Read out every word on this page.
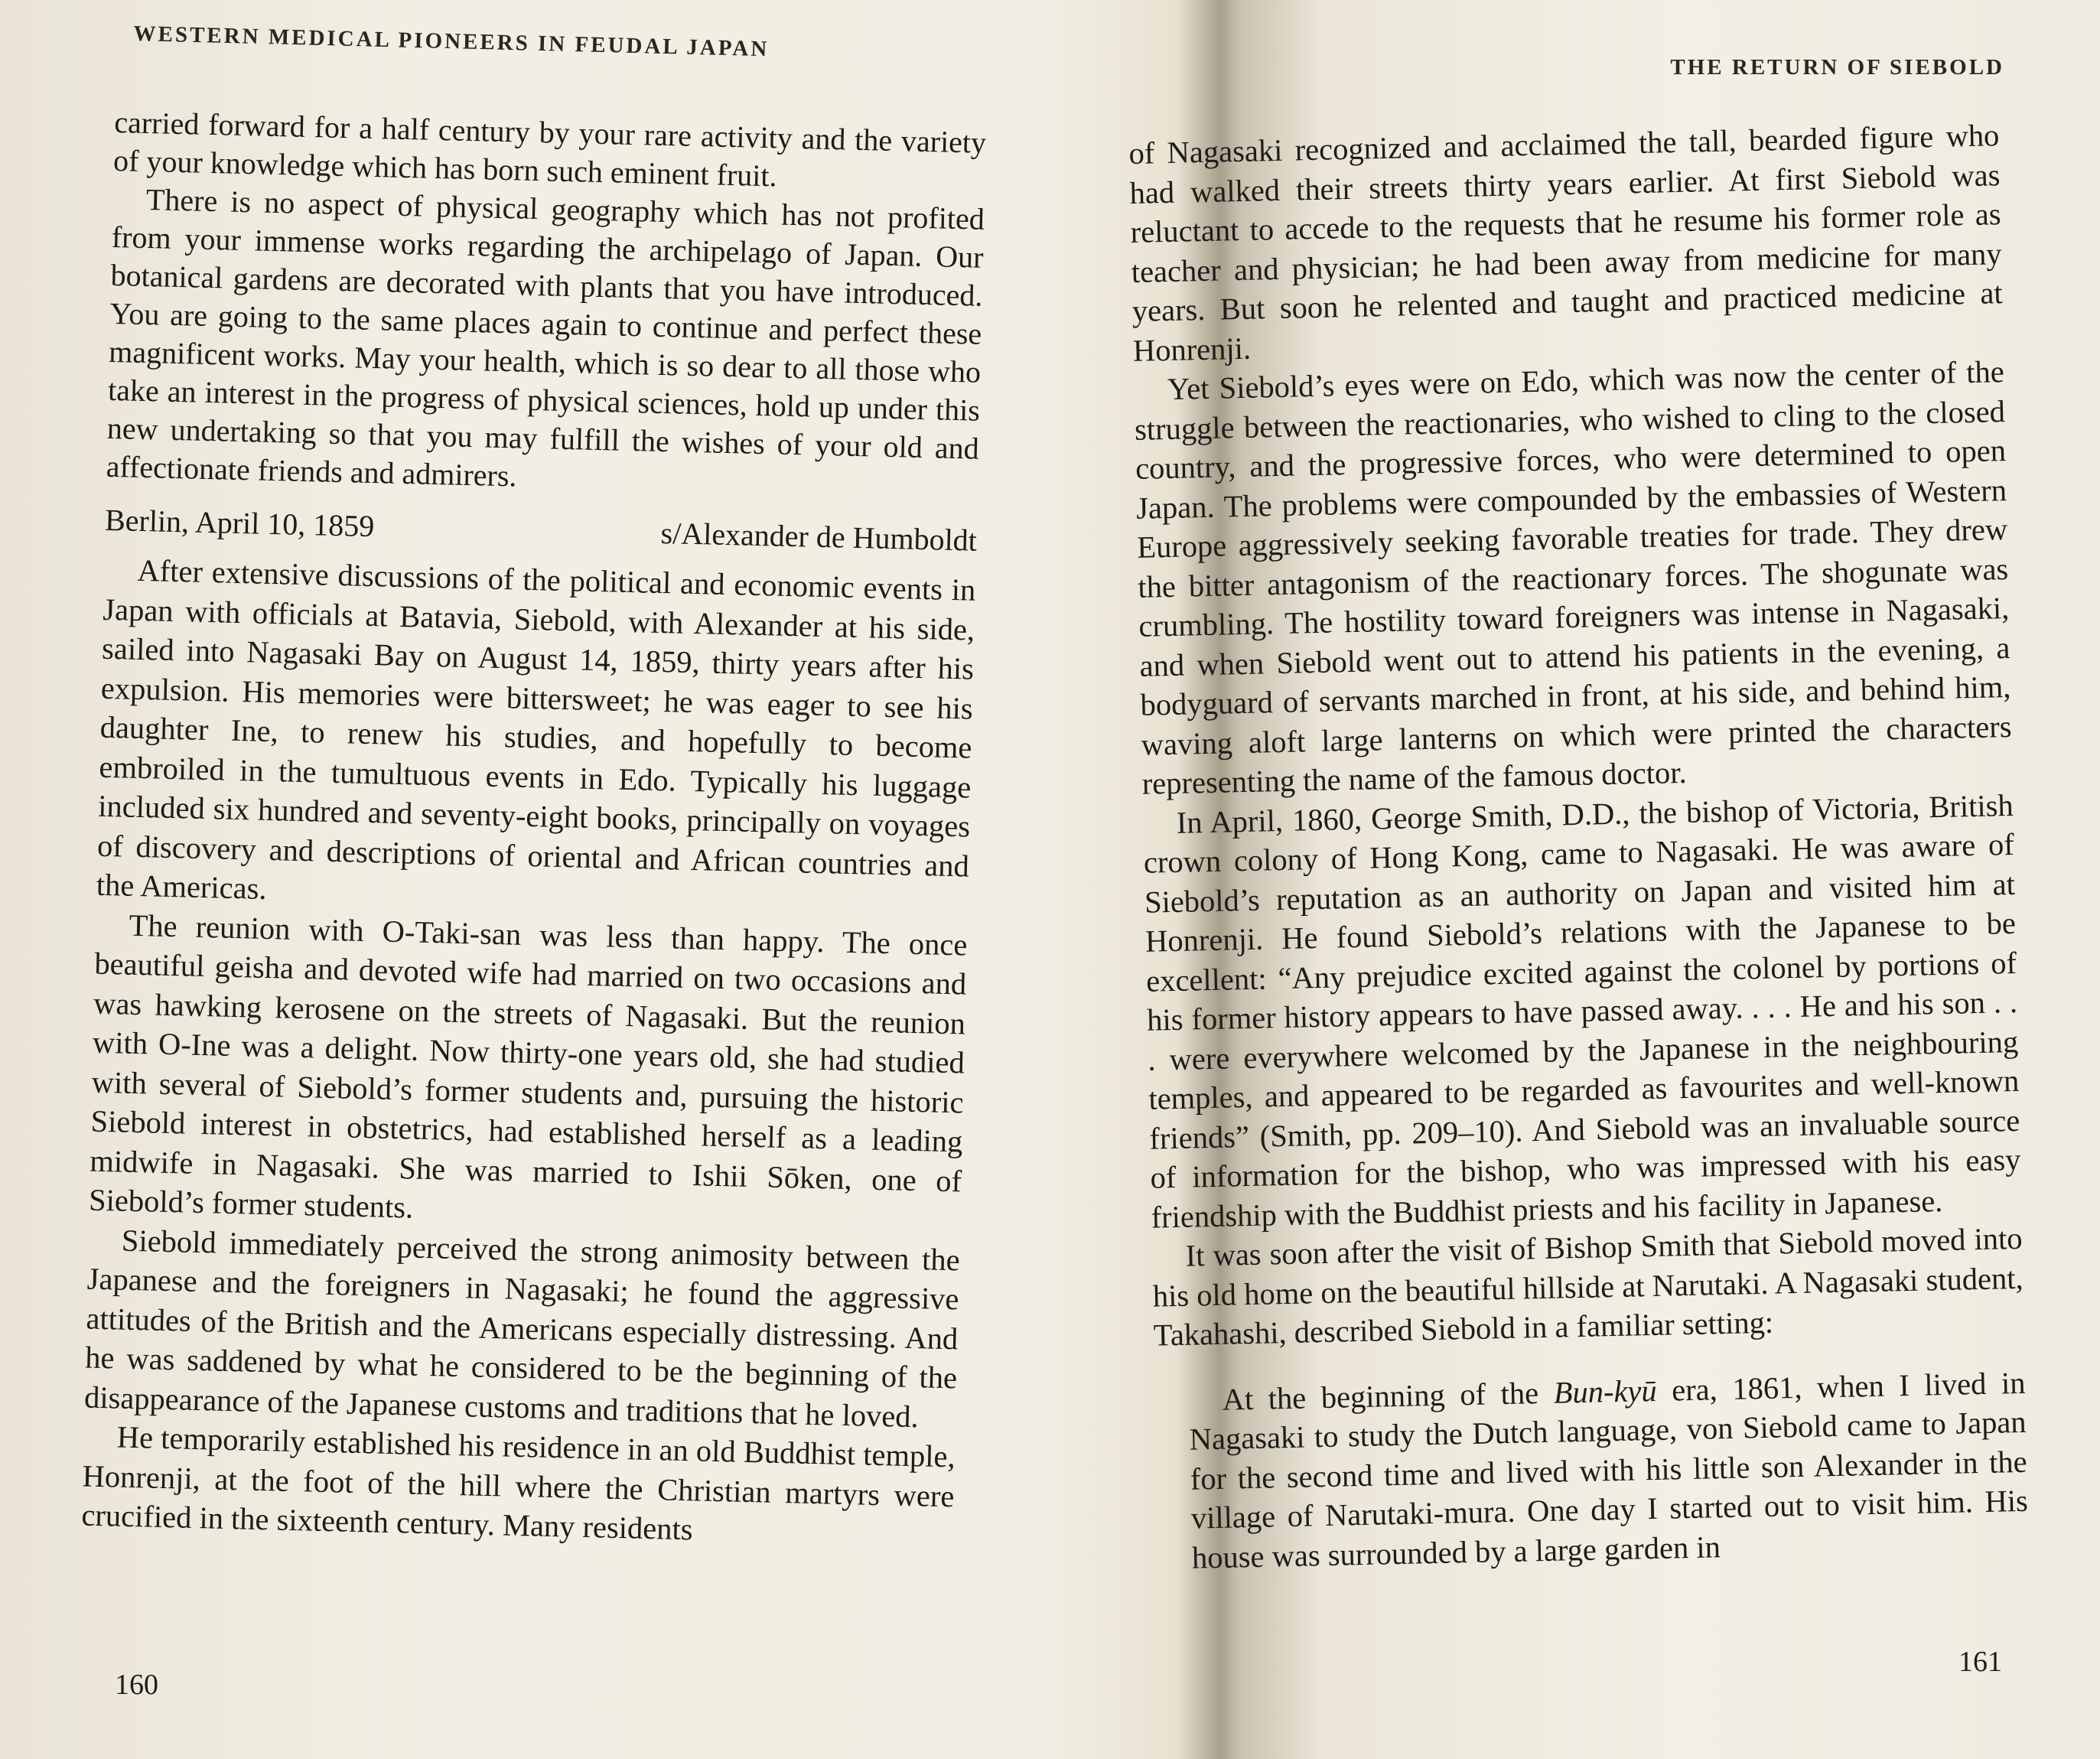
WESTERN MEDICAL PIONEERS IN FEUDAL JAPAN

carried forward for a half century by your rare activity and the variety of your knowledge which has born such eminent fruit.

There is no aspect of physical geography which has not profited from your immense works regarding the archipelago of Japan. Our botanical gardens are decorated with plants that you have introduced. You are going to the same places again to continue and perfect these magnificent works. May your health, which is so dear to all those who take an interest in the progress of physical sciences, hold up under this new undertaking so that you may fulfill the wishes of your old and affectionate friends and admirers.

Berlin, April 10, 1859	s/Alexander de Humboldt

After extensive discussions of the political and economic events in Japan with officials at Batavia, Siebold, with Alexander at his side, sailed into Nagasaki Bay on August 14, 1859, thirty years after his expulsion. His memories were bittersweet; he was eager to see his daughter Ine, to renew his studies, and hopefully to become embroiled in the tumultuous events in Edo. Typically his luggage included six hundred and seventy-eight books, principally on voyages of discovery and descriptions of oriental and African countries and the Americas.

The reunion with O-Taki-san was less than happy. The once beautiful geisha and devoted wife had married on two occasions and was hawking kerosene on the streets of Nagasaki. But the reunion with O-Ine was a delight. Now thirty-one years old, she had studied with several of Siebold’s former students and, pursuing the historic Siebold interest in obstetrics, had established herself as a leading midwife in Nagasaki. She was married to Ishii Sōken, one of Siebold’s former students.

Siebold immediately perceived the strong animosity between the Japanese and the foreigners in Nagasaki; he found the aggressive attitudes of the British and the Americans especially distressing. And he was saddened by what he considered to be the beginning of the disappearance of the Japanese customs and traditions that he loved.

He temporarily established his residence in an old Buddhist temple, Honrenji, at the foot of the hill where the Christian martyrs were crucified in the sixteenth century. Many residents

160
THE RETURN OF SIEBOLD

of Nagasaki recognized and acclaimed the tall, bearded figure who had walked their streets thirty years earlier. At first Siebold was reluctant to accede to the requests that he resume his former role as teacher and physician; he had been away from medicine for many years. But soon he relented and taught and practiced medicine at Honrenji.

Yet Siebold’s eyes were on Edo, which was now the center of the struggle between the reactionaries, who wished to cling to the closed country, and the progressive forces, who were determined to open Japan. The problems were compounded by the embassies of Western Europe aggressively seeking favorable treaties for trade. They drew the bitter antagonism of the reactionary forces. The shogunate was crumbling. The hostility toward foreigners was intense in Nagasaki, and when Siebold went out to attend his patients in the evening, a bodyguard of servants marched in front, at his side, and behind him, waving aloft large lanterns on which were printed the characters representing the name of the famous doctor.

In April, 1860, George Smith, D.D., the bishop of Victoria, British crown colony of Hong Kong, came to Nagasaki. He was aware of Siebold’s reputation as an authority on Japan and visited him at Honrenji. He found Siebold’s relations with the Japanese to be excellent: “Any prejudice excited against the colonel by portions of his former history appears to have passed away. . . . He and his son . . . were everywhere welcomed by the Japanese in the neighbouring temples, and appeared to be regarded as favourites and well-known friends” (Smith, pp. 209–10). And Siebold was an invaluable source of information for the bishop, who was impressed with his easy friendship with the Buddhist priests and his facility in Japanese.

It was soon after the visit of Bishop Smith that Siebold moved into his old home on the beautiful hillside at Narutaki. A Nagasaki student, Takahashi, described Siebold in a familiar setting:

At the beginning of the Bun-kyū era, 1861, when I lived in Nagasaki to study the Dutch language, von Siebold came to Japan for the second time and lived with his little son Alexander in the village of Narutaki-mura. One day I started out to visit him. His house was surrounded by a large garden in

161
